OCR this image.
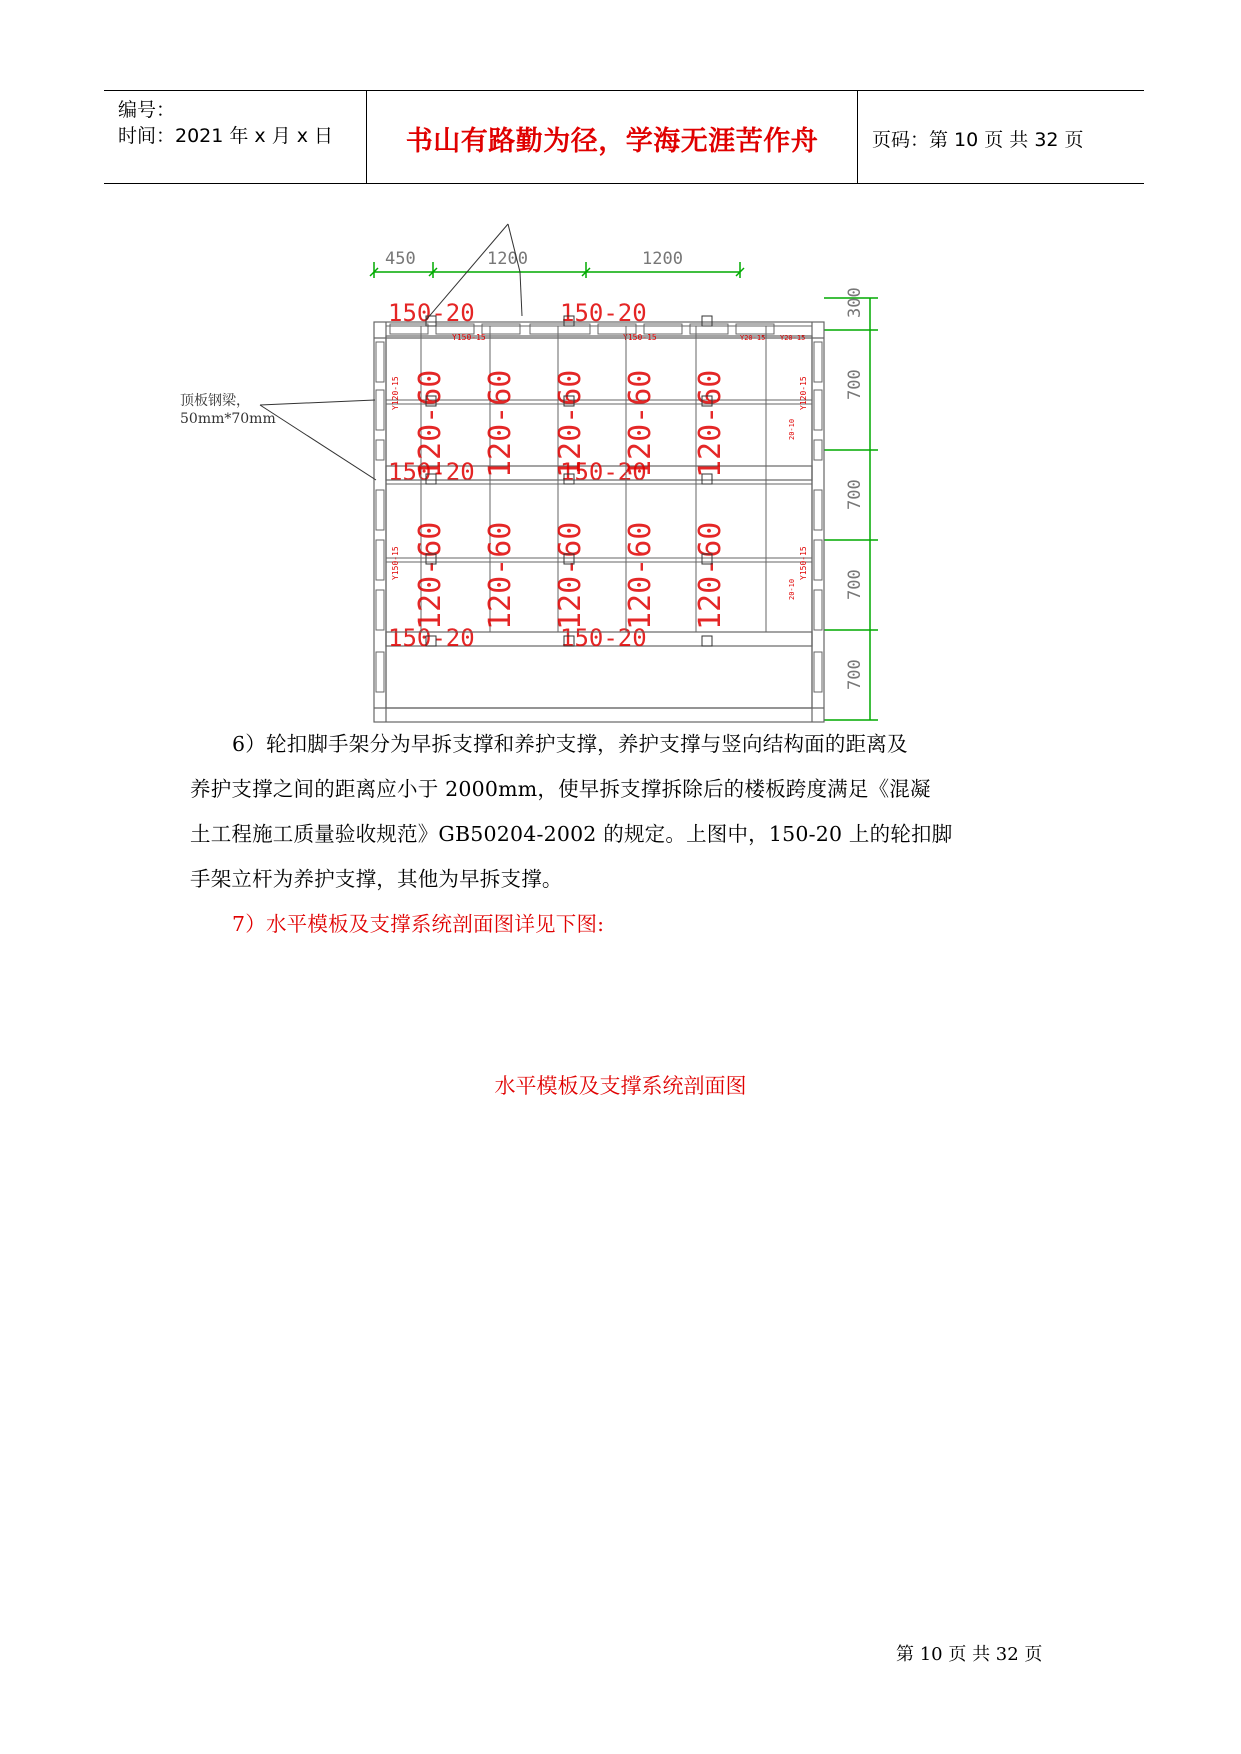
编号：
时间：2021 年 x 月 x 日	书山有路勤为径，学海无涯苦作舟	页码：第 10 页 共 32 页
450	1200	1200
300
700
700
700
700
Y150-15	Y150-15	Y20-15 Y20-15
150-20	150-20
150-20	150-20
150-20	150-20
120-60 120-60 120-60 120-60 120-60
120-60 120-60 120-60 120-60 120-60
Y120-15
Y150-15
Y120-15
Y150-15
20-10
20-10
顶板钢梁，
50mm*70mm
6）轮扣脚手架分为早拆支撑和养护支撑，养护支撑与竖向结构面的距离及
养护支撑之间的距离应小于 2000mm，使早拆支撑拆除后的楼板跨度满足《混凝
土工程施工质量验收规范》GB50204-2002 的规定。上图中，150-20 上的轮扣脚
手架立杆为养护支撑，其他为早拆支撑。
7）水平模板及支撑系统剖面图详见下图:
水平模板及支撑系统剖面图
第 10 页 共 32 页
